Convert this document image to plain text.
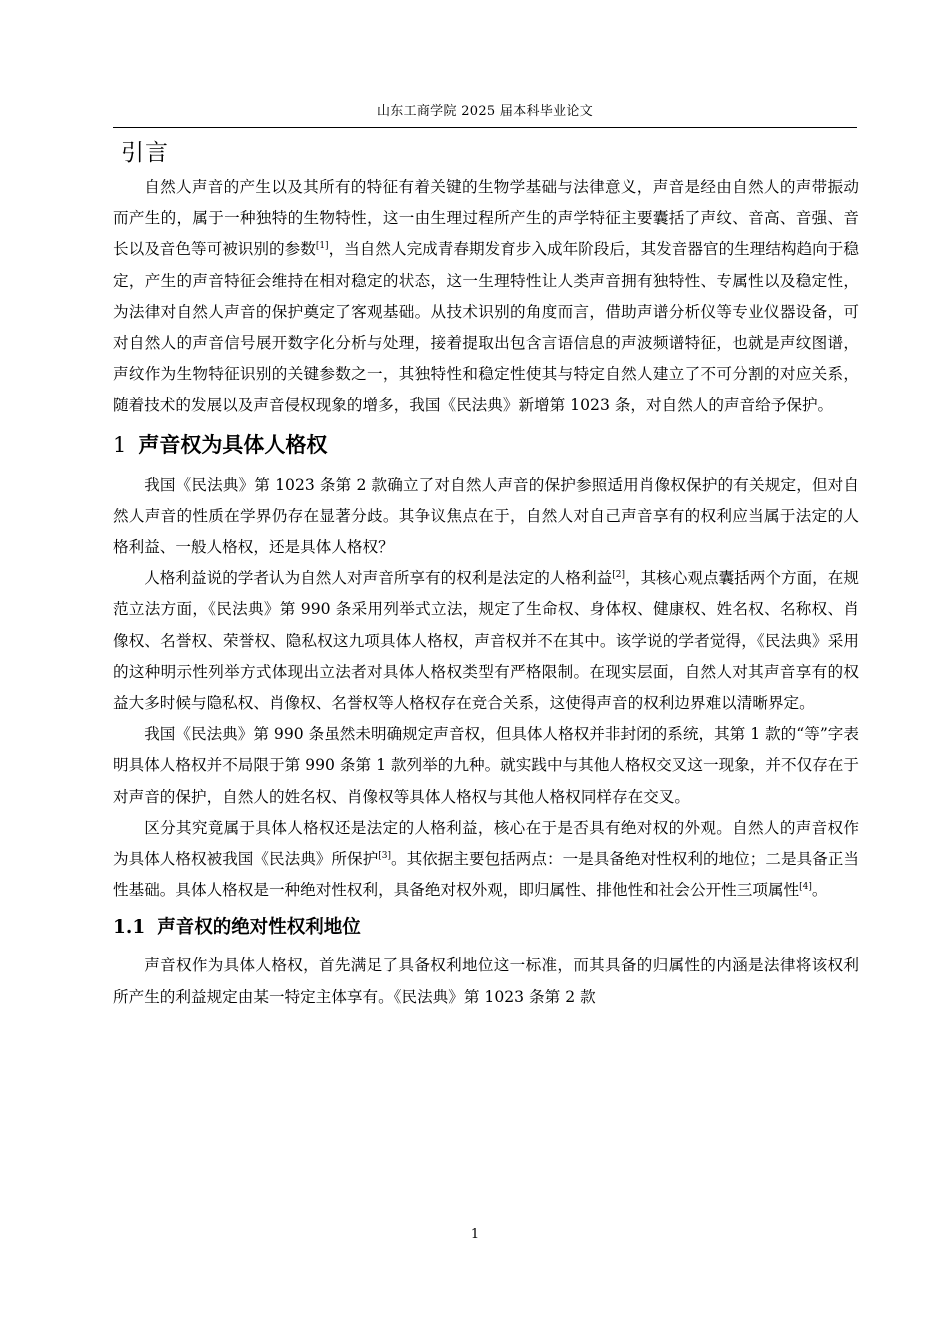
山东工商学院 2025 届本科毕业论文
引言

自然人声音的产生以及其所有的特征有着关键的生物学基础与法律意义，声音是经由自然人的声带振动而产生的，属于一种独特的生物特性，这一由生理过程所产生的声学特征主要囊括了声纹、音高、音强、音长以及音色等可被识别的参数[1]，当自然人完成青春期发育步入成年阶段后，其发音器官的生理结构趋向于稳定，产生的声音特征会维持在相对稳定的状态，这一生理特性让人类声音拥有独特性、专属性以及稳定性，为法律对自然人声音的保护奠定了客观基础。从技术识别的角度而言，借助声谱分析仪等专业仪器设备，可对自然人的声音信号展开数字化分析与处理，接着提取出包含言语信息的声波频谱特征，也就是声纹图谱，声纹作为生物特征识别的关键参数之一，其独特性和稳定性使其与特定自然人建立了不可分割的对应关系，随着技术的发展以及声音侵权现象的增多，我国《民法典》新增第 1023 条，对自然人的声音给予保护。

1 声音权为具体人格权

我国《民法典》第 1023 条第 2 款确立了对自然人声音的保护参照适用肖像权保护的有关规定，但对自然人声音的性质在学界仍存在显著分歧。其争议焦点在于，自然人对自己声音享有的权利应当属于法定的人格利益、一般人格权，还是具体人格权？

人格利益说的学者认为自然人对声音所享有的权利是法定的人格利益[2]，其核心观点囊括两个方面，在规范立法方面，《民法典》第 990 条采用列举式立法，规定了生命权、身体权、健康权、姓名权、名称权、肖像权、名誉权、荣誉权、隐私权这九项具体人格权，声音权并不在其中。该学说的学者觉得，《民法典》采用的这种明示性列举方式体现出立法者对具体人格权类型有严格限制。在现实层面，自然人对其声音享有的权益大多时候与隐私权、肖像权、名誉权等人格权存在竞合关系，这使得声音的权利边界难以清晰界定。

我国《民法典》第 990 条虽然未明确规定声音权，但具体人格权并非封闭的系统，其第 1 款的“等”字表明具体人格权并不局限于第 990 条第 1 款列举的九种。就实践中与其他人格权交叉这一现象，并不仅存在于对声音的保护，自然人的姓名权、肖像权等具体人格权与其他人格权同样存在交叉。

区分其究竟属于具体人格权还是法定的人格利益，核心在于是否具有绝对权的外观。自然人的声音权作为具体人格权被我国《民法典》所保护[3]。其依据主要包括两点：一是具备绝对性权利的地位；二是具备正当性基础。具体人格权是一种绝对性权利，具备绝对权外观，即归属性、排他性和社会公开性三项属性[4]。

1.1 声音权的绝对性权利地位

声音权作为具体人格权，首先满足了具备权利地位这一标准，而其具备的归属性的内涵是法律将该权利所产生的利益规定由某一特定主体享有。《民法典》第 1023 条第 2 款

1
